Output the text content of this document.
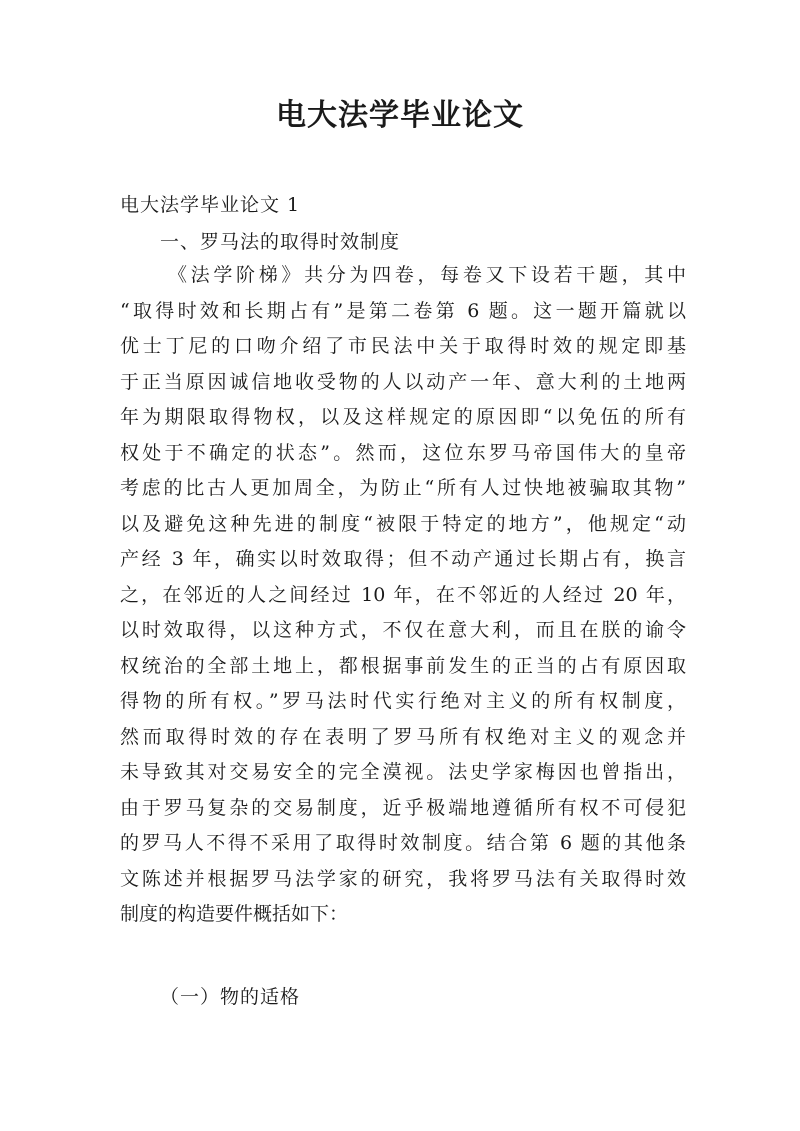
电大法学毕业论文
电大法学毕业论文 1
一、罗马法的取得时效制度
《法学阶梯》共分为四卷，每卷又下设若干题，其中
“取得时效和长期占有”是第二卷第 6 题。这一题开篇就以
优士丁尼的口吻介绍了市民法中关于取得时效的规定即基
于正当原因诚信地收受物的人以动产一年、意大利的土地两
年为期限取得物权，以及这样规定的原因即“以免伍的所有
权处于不确定的状态”。然而，这位东罗马帝国伟大的皇帝
考虑的比古人更加周全，为防止“所有人过快地被骗取其物”
以及避免这种先进的制度“被限于特定的地方”，他规定“动
产经 3 年，确实以时效取得；但不动产通过长期占有，换言
之，在邻近的人之间经过 10 年，在不邻近的人经过 20 年，
以时效取得，以这种方式，不仅在意大利，而且在朕的谕令
权统治的全部土地上，都根据事前发生的正当的占有原因取
得物的所有权。”罗马法时代实行绝对主义的所有权制度，
然而取得时效的存在表明了罗马所有权绝对主义的观念并
未导致其对交易安全的完全漠视。法史学家梅因也曾指出，
由于罗马复杂的交易制度，近乎极端地遵循所有权不可侵犯
的罗马人不得不采用了取得时效制度。结合第 6 题的其他条
文陈述并根据罗马法学家的研究，我将罗马法有关取得时效
制度的构造要件概括如下：
（一）物的适格
